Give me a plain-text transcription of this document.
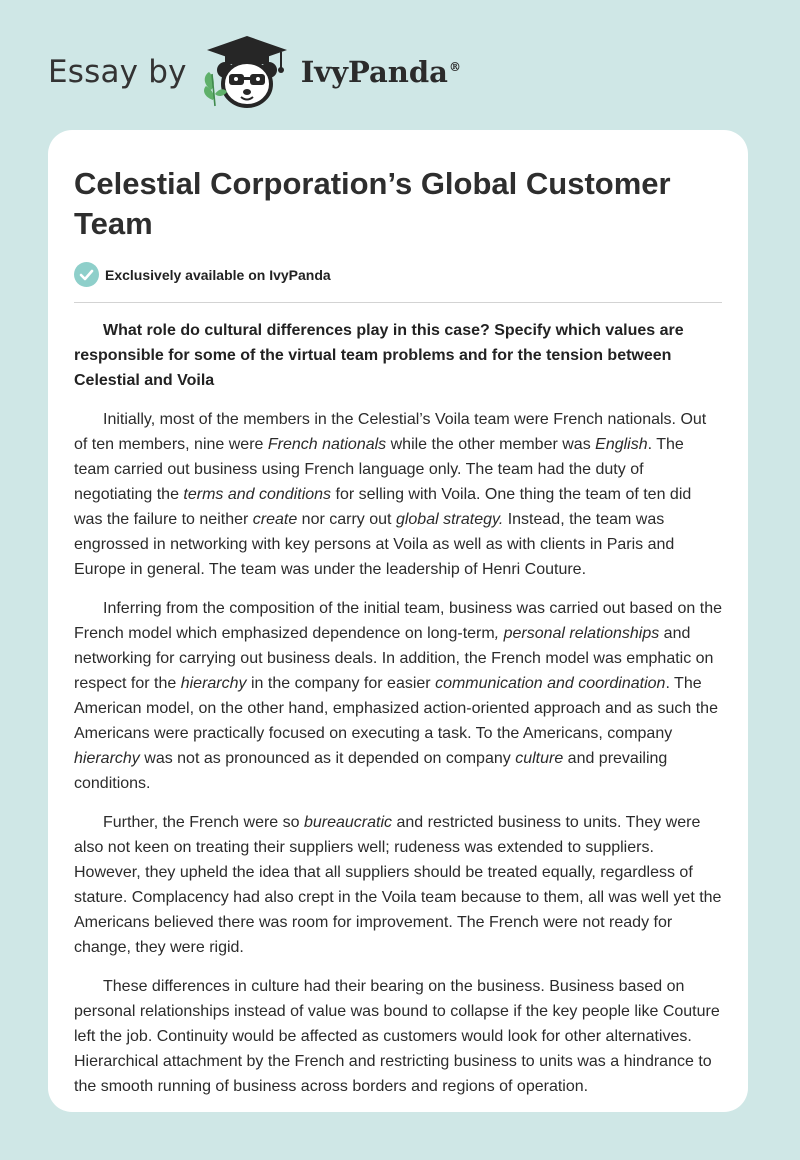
Essay by	IvyPanda®
Celestial Corporation’s Global Customer Team
Exclusively available on IvyPanda

What role do cultural differences play in this case? Specify which values are responsible for some of the virtual team problems and for the tension between Celestial and Voila

Initially, most of the members in the Celestial’s Voila team were French nationals. Out of ten members, nine were French nationals while the other member was English. The team carried out business using French language only. The team had the duty of negotiating the terms and conditions for selling with Voila. One thing the team of ten did was the failure to neither create nor carry out global strategy. Instead, the team was engrossed in networking with key persons at Voila as well as with clients in Paris and Europe in general. The team was under the leadership of Henri Couture.

Inferring from the composition of the initial team, business was carried out based on the French model which emphasized dependence on long-term, personal relationships and networking for carrying out business deals. In addition, the French model was emphatic on respect for the hierarchy in the company for easier communication and coordination. The American model, on the other hand, emphasized action-oriented approach and as such the Americans were practically focused on executing a task. To the Americans, company hierarchy was not as pronounced as it depended on company culture and prevailing conditions.

Further, the French were so bureaucratic and restricted business to units. They were also not keen on treating their suppliers well; rudeness was extended to suppliers. However, they upheld the idea that all suppliers should be treated equally, regardless of stature. Complacency had also crept in the Voila team because to them, all was well yet the Americans believed there was room for improvement. The French were not ready for change, they were rigid.

These differences in culture had their bearing on the business. Business based on personal relationships instead of value was bound to collapse if the key people like Couture left the job. Continuity would be affected as customers would look for other alternatives. Hierarchical attachment by the French and restricting business to units was a hindrance to the smooth running of business across borders and regions of operation.
